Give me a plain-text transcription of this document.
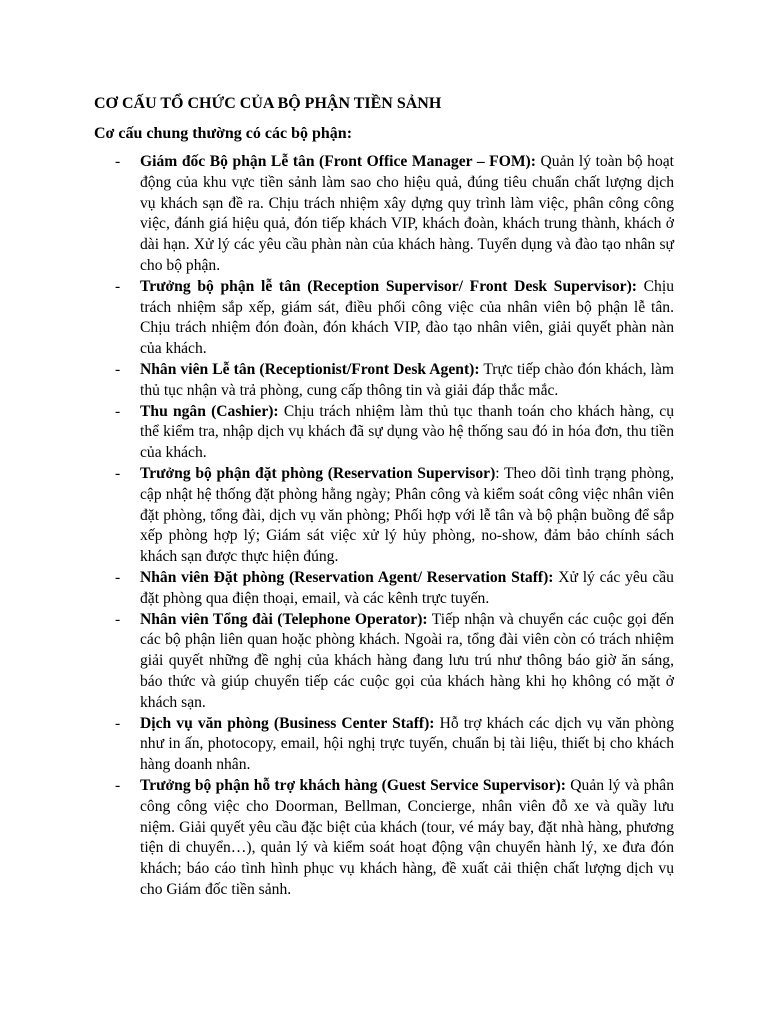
CƠ CẤU TỔ CHỨC CỦA BỘ PHẬN TIỀN SẢNH

Cơ cấu chung thường có các bộ phận:

- Giám đốc Bộ phận Lễ tân (Front Office Manager – FOM): Quản lý toàn bộ hoạt động của khu vực tiền sảnh làm sao cho hiệu quả, đúng tiêu chuẩn chất lượng dịch vụ khách sạn đề ra. Chịu trách nhiệm xây dựng quy trình làm việc, phân công công việc, đánh giá hiệu quả, đón tiếp khách VIP, khách đoàn, khách trung thành, khách ở dài hạn. Xử lý các yêu cầu phàn nàn của khách hàng. Tuyển dụng và đào tạo nhân sự cho bộ phận.
- Trưởng bộ phận lễ tân (Reception Supervisor/ Front Desk Supervisor): Chịu trách nhiệm sắp xếp, giám sát, điều phối công việc của nhân viên bộ phận lễ tân. Chịu trách nhiệm đón đoàn, đón khách VIP, đào tạo nhân viên, giải quyết phàn nàn của khách.
- Nhân viên Lễ tân (Receptionist/Front Desk Agent): Trực tiếp chào đón khách, làm thủ tục nhận và trả phòng, cung cấp thông tin và giải đáp thắc mắc.
- Thu ngân (Cashier): Chịu trách nhiệm làm thủ tục thanh toán cho khách hàng, cụ thể kiểm tra, nhập dịch vụ khách đã sự dụng vào hệ thống sau đó in hóa đơn, thu tiền của khách.
- Trưởng bộ phận đặt phòng (Reservation Supervisor): Theo dõi tình trạng phòng, cập nhật hệ thống đặt phòng hằng ngày; Phân công và kiểm soát công việc nhân viên đặt phòng, tổng đài, dịch vụ văn phòng; Phối hợp với lễ tân và bộ phận buồng để sắp xếp phòng hợp lý; Giám sát việc xử lý hủy phòng, no-show, đảm bảo chính sách khách sạn được thực hiện đúng.
- Nhân viên Đặt phòng (Reservation Agent/ Reservation Staff): Xử lý các yêu cầu đặt phòng qua điện thoại, email, và các kênh trực tuyến.
- Nhân viên Tổng đài (Telephone Operator): Tiếp nhận và chuyển các cuộc gọi đến các bộ phận liên quan hoặc phòng khách. Ngoài ra, tổng đài viên còn có trách nhiệm giải quyết những đề nghị của khách hàng đang lưu trú như thông báo giờ ăn sáng, báo thức và giúp chuyển tiếp các cuộc gọi của khách hàng khi họ không có mặt ở khách sạn.
- Dịch vụ văn phòng (Business Center Staff): Hỗ trợ khách các dịch vụ văn phòng như in ấn, photocopy, email, hội nghị trực tuyến, chuẩn bị tài liệu, thiết bị cho khách hàng doanh nhân.
- Trưởng bộ phận hỗ trợ khách hàng (Guest Service Supervisor): Quản lý và phân công công việc cho Doorman, Bellman, Concierge, nhân viên đỗ xe và quầy lưu niệm. Giải quyết yêu cầu đặc biệt của khách (tour, vé máy bay, đặt nhà hàng, phương tiện di chuyển…), quản lý và kiểm soát hoạt động vận chuyển hành lý, xe đưa đón khách; báo cáo tình hình phục vụ khách hàng, đề xuất cải thiện chất lượng dịch vụ cho Giám đốc tiền sảnh.
